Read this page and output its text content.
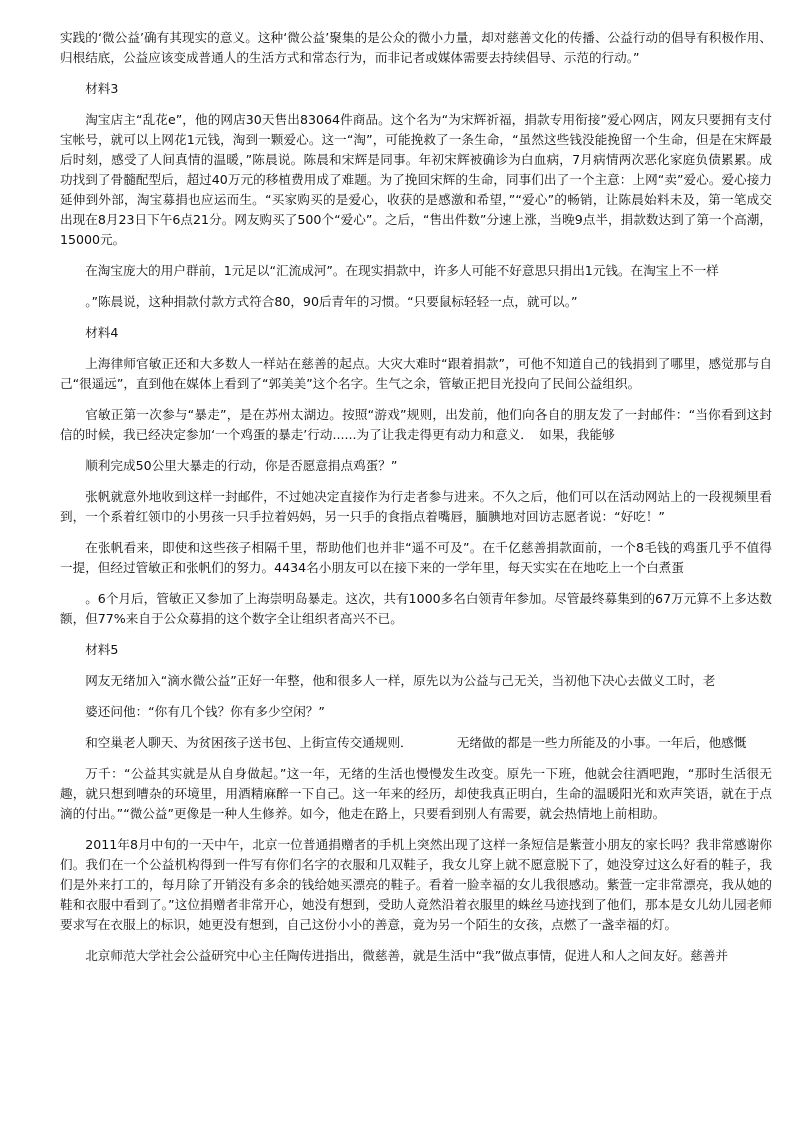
实践的‘微公益’确有其现实的意义。这种‘微公益’聚集的是公众的微小力量，却对慈善文化的传播、公益行动的倡导有积极作用、归根结底，公益应该变成普通人的生活方式和常态行为，而非记者或媒体需要去持续倡导、示范的行动。”

材料3

淘宝店主“乱花e”，他的网店30天售出83064件商品。这个名为“为宋辉祈福，捐款专用衔接”爱心网店，网友只要拥有支付宝帐号，就可以上网花1元钱，淘到一颗爱心。这一“淘”，可能挽救了一条生命，“虽然这些钱没能挽留一个生命，但是在宋辉最后时刻，感受了人间真情的温暖，”陈晨说。陈晨和宋辉是同事。年初宋辉被确诊为白血病，7月病情两次恶化家庭负债累累。成功找到了骨髓配型后，超过40万元的移植费用成了难题。为了挽回宋辉的生命，同事们出了一个主意：上网“卖”爱心。爱心接力延伸到外部，淘宝募捐也应运而生。“买家购买的是爱心，收获的是感激和希望，”“爱心”的畅销，让陈晨始料未及，第一笔成交出现在8月23日下午6点21分。网友购买了500个“爱心”。之后，“售出件数”分速上涨，当晚9点半，捐款数达到了第一个高潮，15000元。

在淘宝庞大的用户群前，1元足以“汇流成河”。在现实捐款中，许多人可能不好意思只捐出1元钱。在淘宝上不一样

。”陈晨说，这种捐款付款方式符合80，90后青年的习惯。“只要鼠标轻轻一点，就可以。”

材料4

上海律师官敏正还和大多数人一样站在慈善的起点。大灾大难时“跟着捐款”，可他不知道自己的钱捐到了哪里，感觉那与自己“很遥远”，直到他在媒体上看到了“郭美美”这个名字。生气之余，管敏正把目光投向了民间公益组织。

官敏正第一次参与“暴走”，是在苏州太湖边。按照“游戏”规则，出发前，他们向各自的朋友发了一封邮件：“当你看到这封信的时候，我已经决定参加‘一个鸡蛋的暴走’行动......为了让我走得更有动力和意义．　如果，我能够

顺利完成50公里大暴走的行动，你是否愿意捐点鸡蛋？”

张帆就意外地收到这样一封邮件，不过她决定直接作为行走者参与进来。不久之后，他们可以在活动网站上的一段视频里看到，一个系着红领巾的小男孩一只手拉着妈妈，另一只手的食指点着嘴唇，腼腆地对回访志愿者说：“好吃！”

在张帆看来，即使和这些孩子相隔千里，帮助他们也并非“遥不可及”。在千亿慈善捐款面前，一个8毛钱的鸡蛋几乎不值得一提，但经过管敏正和张帆们的努力。4434名小朋友可以在接下来的一学年里，每天实实在在地吃上一个白煮蛋

。6个月后，管敏正又参加了上海崇明岛暴走。这次，共有1000多名白领青年参加。尽管最终募集到的67万元算不上多达数额，但77%来自于公众募捐的这个数字全让组织者高兴不已。

材料5

网友无绪加入“滴水微公益”正好一年整，他和很多人一样，原先以为公益与己无关，当初他下决心去做义工时，老

婆还问他：“你有几个钱？你有多少空闲？”

和空巢老人聊天、为贫困孩子送书包、上街宣传交通规则．　　　　无绪做的都是一些力所能及的小事。一年后，他感慨

万千：“公益其实就是从自身做起。”这一年，无绪的生活也慢慢发生改变。原先一下班，他就会往酒吧跑，“那时生活很无趣，就只想到嘈杂的环境里，用酒精麻醉一下自己。这一年来的经历，却使我真正明白，生命的温暖阳光和欢声笑语，就在于点滴的付出。”“微公益”更像是一种人生修养。如今，他走在路上，只要看到别人有需要，就会热情地上前相助。

2011年8月中旬的一天中午，北京一位普通捐赠者的手机上突然出现了这样一条短信是紫萱小朋友的家长吗？我非常感谢你们。我们在一个公益机构得到一件写有你们名字的衣服和几双鞋子，我女儿穿上就不愿意脱下了，她没穿过这么好看的鞋子，我们是外来打工的，每月除了开销没有多余的钱给她买漂亮的鞋子。看着一脸幸福的女儿我很感动。紫萱一定非常漂亮，我从她的鞋和衣服中看到了。”这位捐赠者非常开心，她没有想到，受助人竟然沿着衣服里的蛛丝马迹找到了他们，那本是女儿幼儿园老师要求写在衣服上的标识，她更没有想到，自己这份小小的善意，竟为另一个陌生的女孩，点燃了一盏幸福的灯。

北京师范大学社会公益研究中心主任陶传进指出，微慈善，就是生活中“我”做点事情，促进人和人之间友好。慈善并
